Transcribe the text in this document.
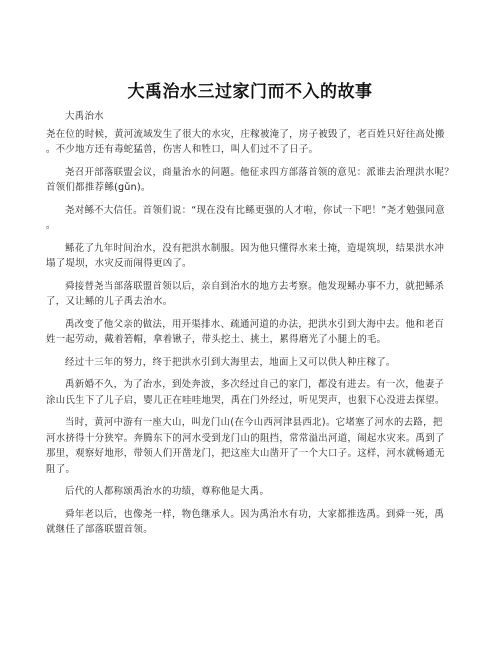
大禹治水三过家门而不入的故事

大禹治水

尧在位的时候，黄河流域发生了很大的水灾，庄稼被淹了，房子被毁了，老百姓只好往高处搬

。不少地方还有毒蛇猛兽，伤害人和牲口，叫人们过不了日子。

尧召开部落联盟会议，商量治水的问题。他征求四方部落首领的意见：派谁去治理洪水呢？

首领们都推荐鲧(gǔn)。

尧对鲧不大信任。首领们说：“现在没有比鲧更强的人才啦，你试一下吧！”尧才勉强同意

。

鲧花了九年时间治水，没有把洪水制服。因为他只懂得水来土掩，造堤筑坝，结果洪水冲

塌了堤坝，水灾反而闹得更凶了。

舜接替尧当部落联盟首领以后，亲自到治水的地方去考察。他发现鲧办事不力，就把鲧杀

了，又让鲧的儿子禹去治水。

禹改变了他父亲的做法，用开渠排水、疏通河道的办法，把洪水引到大海中去。他和老百

姓一起劳动，戴着箬帽，拿着锹子，带头挖土、挑土，累得磨光了小腿上的毛。

经过十三年的努力，终于把洪水引到大海里去，地面上又可以供人种庄稼了。

禹新婚不久，为了治水，到处奔波，多次经过自己的家门，都没有进去。有一次，他妻子

涂山氏生下了儿子启，婴儿正在哇哇地哭，禹在门外经过，听见哭声，也狠下心没进去探望。

当时，黄河中游有一座大山，叫龙门山(在今山西河津县西北)。它堵塞了河水的去路，把

河水挤得十分狭窄。奔腾东下的河水受到龙门山的阻挡，常常溢出河道，闹起水灾来。禹到了

那里，观察好地形，带领人们开凿龙门，把这座大山凿开了一个大口子。这样，河水就畅通无

阻了。

后代的人都称颂禹治水的功绩，尊称他是大禹。

舜年老以后，也像尧一样，物色继承人。因为禹治水有功，大家都推选禹。到舜一死，禹

就继任了部落联盟首领。
